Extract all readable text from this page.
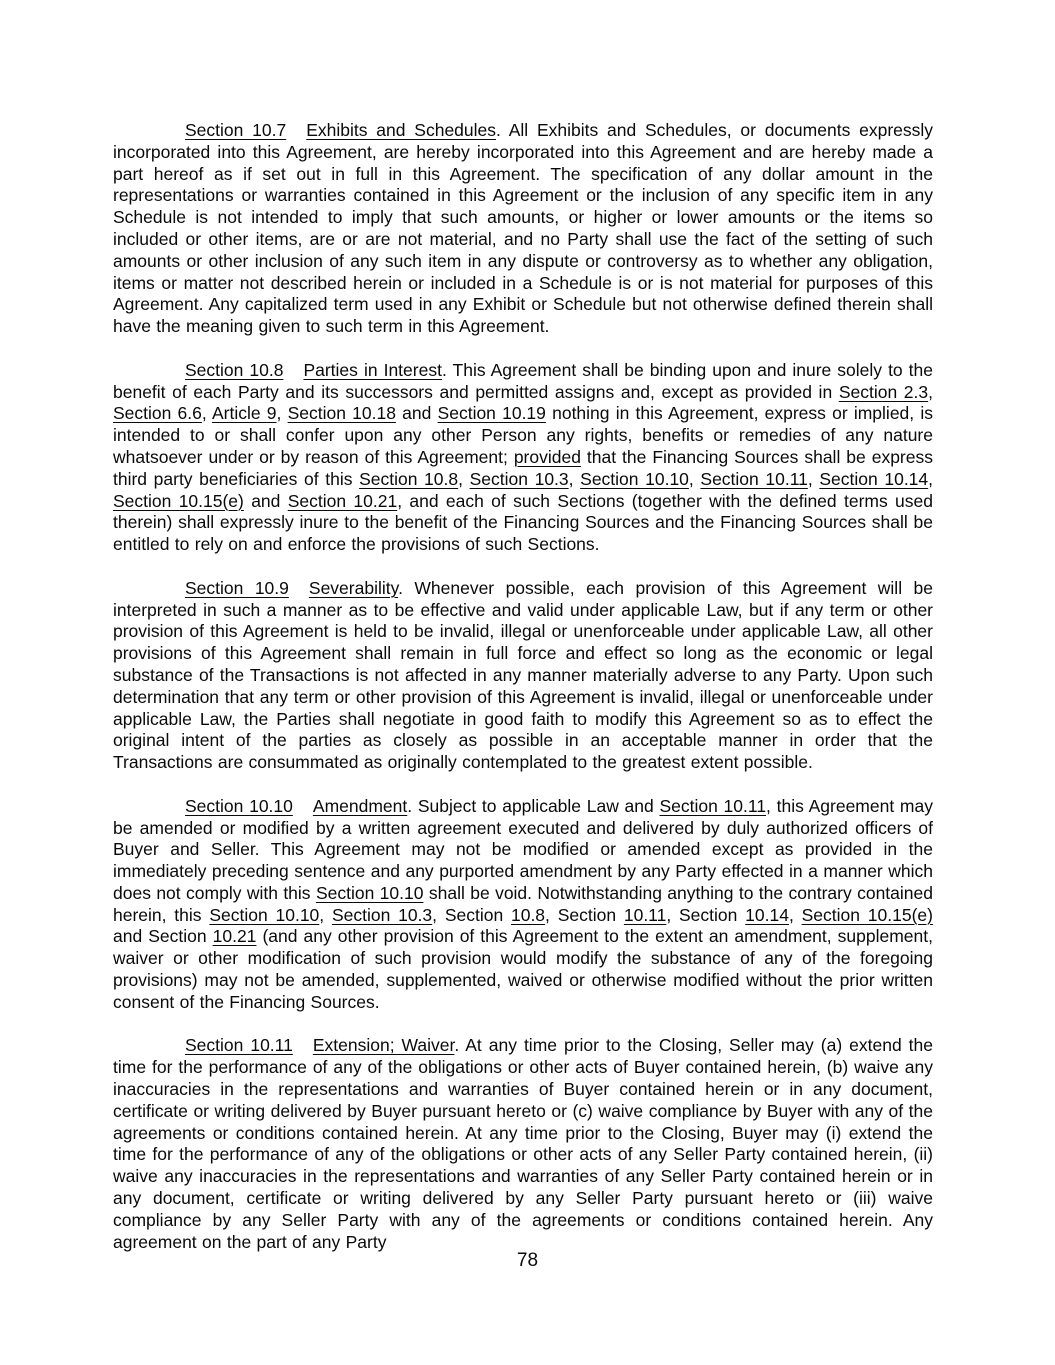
Section 10.7 Exhibits and Schedules. All Exhibits and Schedules, or documents expressly incorporated into this Agreement, are hereby incorporated into this Agreement and are hereby made a part hereof as if set out in full in this Agreement. The specification of any dollar amount in the representations or warranties contained in this Agreement or the inclusion of any specific item in any Schedule is not intended to imply that such amounts, or higher or lower amounts or the items so included or other items, are or are not material, and no Party shall use the fact of the setting of such amounts or other inclusion of any such item in any dispute or controversy as to whether any obligation, items or matter not described herein or included in a Schedule is or is not material for purposes of this Agreement. Any capitalized term used in any Exhibit or Schedule but not otherwise defined therein shall have the meaning given to such term in this Agreement.

Section 10.8 Parties in Interest. This Agreement shall be binding upon and inure solely to the benefit of each Party and its successors and permitted assigns and, except as provided in Section 2.3, Section 6.6, Article 9, Section 10.18 and Section 10.19 nothing in this Agreement, express or implied, is intended to or shall confer upon any other Person any rights, benefits or remedies of any nature whatsoever under or by reason of this Agreement; provided that the Financing Sources shall be express third party beneficiaries of this Section 10.8, Section 10.3, Section 10.10, Section 10.11, Section 10.14, Section 10.15(e) and Section 10.21, and each of such Sections (together with the defined terms used therein) shall expressly inure to the benefit of the Financing Sources and the Financing Sources shall be entitled to rely on and enforce the provisions of such Sections.

Section 10.9 Severability. Whenever possible, each provision of this Agreement will be interpreted in such a manner as to be effective and valid under applicable Law, but if any term or other provision of this Agreement is held to be invalid, illegal or unenforceable under applicable Law, all other provisions of this Agreement shall remain in full force and effect so long as the economic or legal substance of the Transactions is not affected in any manner materially adverse to any Party. Upon such determination that any term or other provision of this Agreement is invalid, illegal or unenforceable under applicable Law, the Parties shall negotiate in good faith to modify this Agreement so as to effect the original intent of the parties as closely as possible in an acceptable manner in order that the Transactions are consummated as originally contemplated to the greatest extent possible.

Section 10.10 Amendment. Subject to applicable Law and Section 10.11, this Agreement may be amended or modified by a written agreement executed and delivered by duly authorized officers of Buyer and Seller. This Agreement may not be modified or amended except as provided in the immediately preceding sentence and any purported amendment by any Party effected in a manner which does not comply with this Section 10.10 shall be void. Notwithstanding anything to the contrary contained herein, this Section 10.10, Section 10.3, Section 10.8, Section 10.11, Section 10.14, Section 10.15(e) and Section 10.21 (and any other provision of this Agreement to the extent an amendment, supplement, waiver or other modification of such provision would modify the substance of any of the foregoing provisions) may not be amended, supplemented, waived or otherwise modified without the prior written consent of the Financing Sources.

Section 10.11 Extension; Waiver. At any time prior to the Closing, Seller may (a) extend the time for the performance of any of the obligations or other acts of Buyer contained herein, (b) waive any inaccuracies in the representations and warranties of Buyer contained herein or in any document, certificate or writing delivered by Buyer pursuant hereto or (c) waive compliance by Buyer with any of the agreements or conditions contained herein. At any time prior to the Closing, Buyer may (i) extend the time for the performance of any of the obligations or other acts of any Seller Party contained herein, (ii) waive any inaccuracies in the representations and warranties of any Seller Party contained herein or in any document, certificate or writing delivered by any Seller Party pursuant hereto or (iii) waive compliance by any Seller Party with any of the agreements or conditions contained herein. Any agreement on the part of any Party

78
